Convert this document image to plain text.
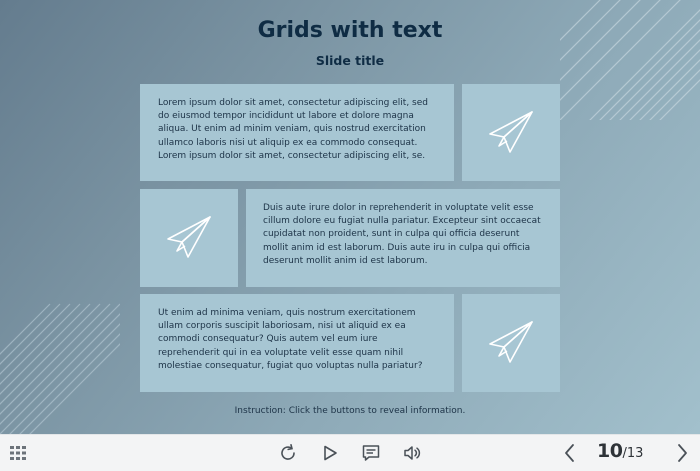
Grids with text
Slide title
Lorem ipsum dolor sit amet, consectetur adipiscing elit, sed do eiusmod tempor incididunt ut labore et dolore magna aliqua. Ut enim ad minim veniam, quis nostrud exercitation ullamco laboris nisi ut aliquip ex ea commodo consequat. Lorem ipsum dolor sit amet, consectetur adipiscing elit, se.
Duis aute irure dolor in reprehenderit in voluptate velit esse cillum dolore eu fugiat nulla pariatur. Excepteur sint occaecat cupidatat non proident, sunt in culpa qui officia deserunt mollit anim id est laborum. Duis aute iru in culpa qui officia deserunt mollit anim id est laborum.
Ut enim ad minima veniam, quis nostrum exercitationem ullam corporis suscipit laboriosam, nisi ut aliquid ex ea commodi consequatur? Quis autem vel eum iure reprehenderit qui in ea voluptate velit esse quam nihil molestiae consequatur, fugiat quo voluptas nulla pariatur?
Instruction: Click the buttons to reveal information.
10 / 13
